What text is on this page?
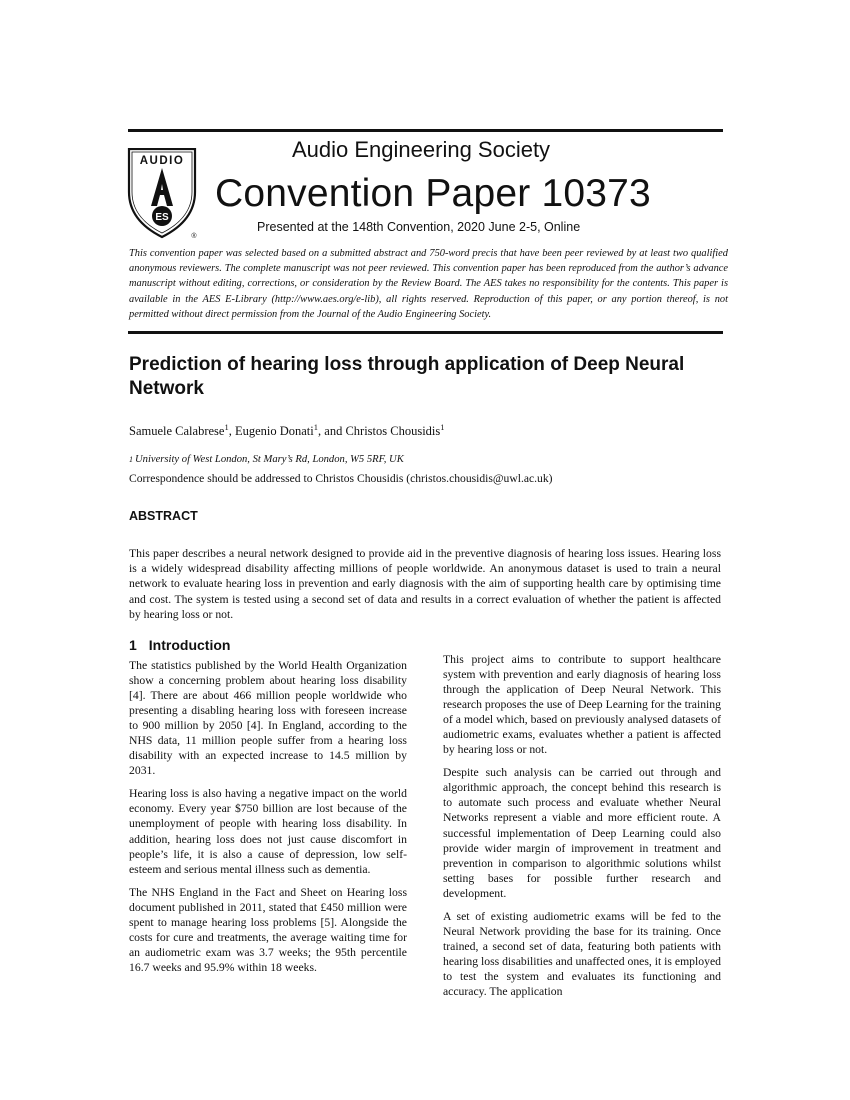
AUDIO
ES
®
Audio Engineering Society
Convention Paper 10373
Presented at the 148th Convention, 2020 June 2-5, Online
This convention paper was selected based on a submitted abstract and 750-word precis that have been peer reviewed by at least two qualified anonymous reviewers. The complete manuscript was not peer reviewed. This convention paper has been reproduced from the author’s advance manuscript without editing, corrections, or consideration by the Review Board. The AES takes no responsibility for the contents. This paper is available in the AES E-Library (http://www.aes.org/e-lib), all rights reserved. Reproduction of this paper, or any portion thereof, is not permitted without direct permission from the Journal of the Audio Engineering Society.
Prediction of hearing loss through application of Deep Neural Network
Samuele Calabrese$^1$, Eugenio Donati$^1$, and Christos Chousidis$^1$
1 University of West London, St Mary’s Rd, London, W5 5RF, UK
Correspondence should be addressed to Christos Chousidis (christos.chousidis@uwl.ac.uk)
ABSTRACT

This paper describes a neural network designed to provide aid in the preventive diagnosis of hearing loss issues. Hearing loss is a widely widespread disability affecting millions of people worldwide. An anonymous dataset is used to train a neural network to evaluate hearing loss in prevention and early diagnosis with the aim of supporting health care by optimising time and cost. The system is tested using a second set of data and results in a correct evaluation of whether the patient is affected by hearing loss or not.

1 Introduction

The statistics published by the World Health Organization show a concerning problem about hearing loss disability [4]. There are about 466 million people worldwide who presenting a disabling hearing loss with foreseen increase to 900 million by 2050 [4]. In England, according to the NHS data, 11 million people suffer from a hearing loss disability with an expected increase to 14.5 million by 2031.

Hearing loss is also having a negative impact on the world economy. Every year $750 billion are lost because of the unemployment of people with hearing loss disability. In addition, hearing loss does not just cause discomfort in people’s life, it is also a cause of depression, low self-esteem and serious mental illness such as dementia.

The NHS England in the Fact and Sheet on Hearing loss document published in 2011, stated that £450 million were spent to manage hearing loss problems [5]. Alongside the costs for cure and treatments, the average waiting time for an audiometric exam was 3.7 weeks; the 95th percentile 16.7 weeks and 95.9% within 18 weeks.

This project aims to contribute to support healthcare system with prevention and early diagnosis of hearing loss through the application of Deep Neural Network. This research proposes the use of Deep Learning for the training of a model which, based on previously analysed datasets of audiometric exams, evaluates whether a patient is affected by hearing loss or not.

Despite such analysis can be carried out through and algorithmic approach, the concept behind this research is to automate such process and evaluate whether Neural Networks represent a viable and more efficient route. A successful implementation of Deep Learning could also provide wider margin of improvement in treatment and prevention in comparison to algorithmic solutions whilst setting bases for possible further research and development.

A set of existing audiometric exams will be fed to the Neural Network providing the base for its training. Once trained, a second set of data, featuring both patients with hearing loss disabilities and unaffected ones, it is employed to test the system and evaluates its functioning and accuracy. The application
